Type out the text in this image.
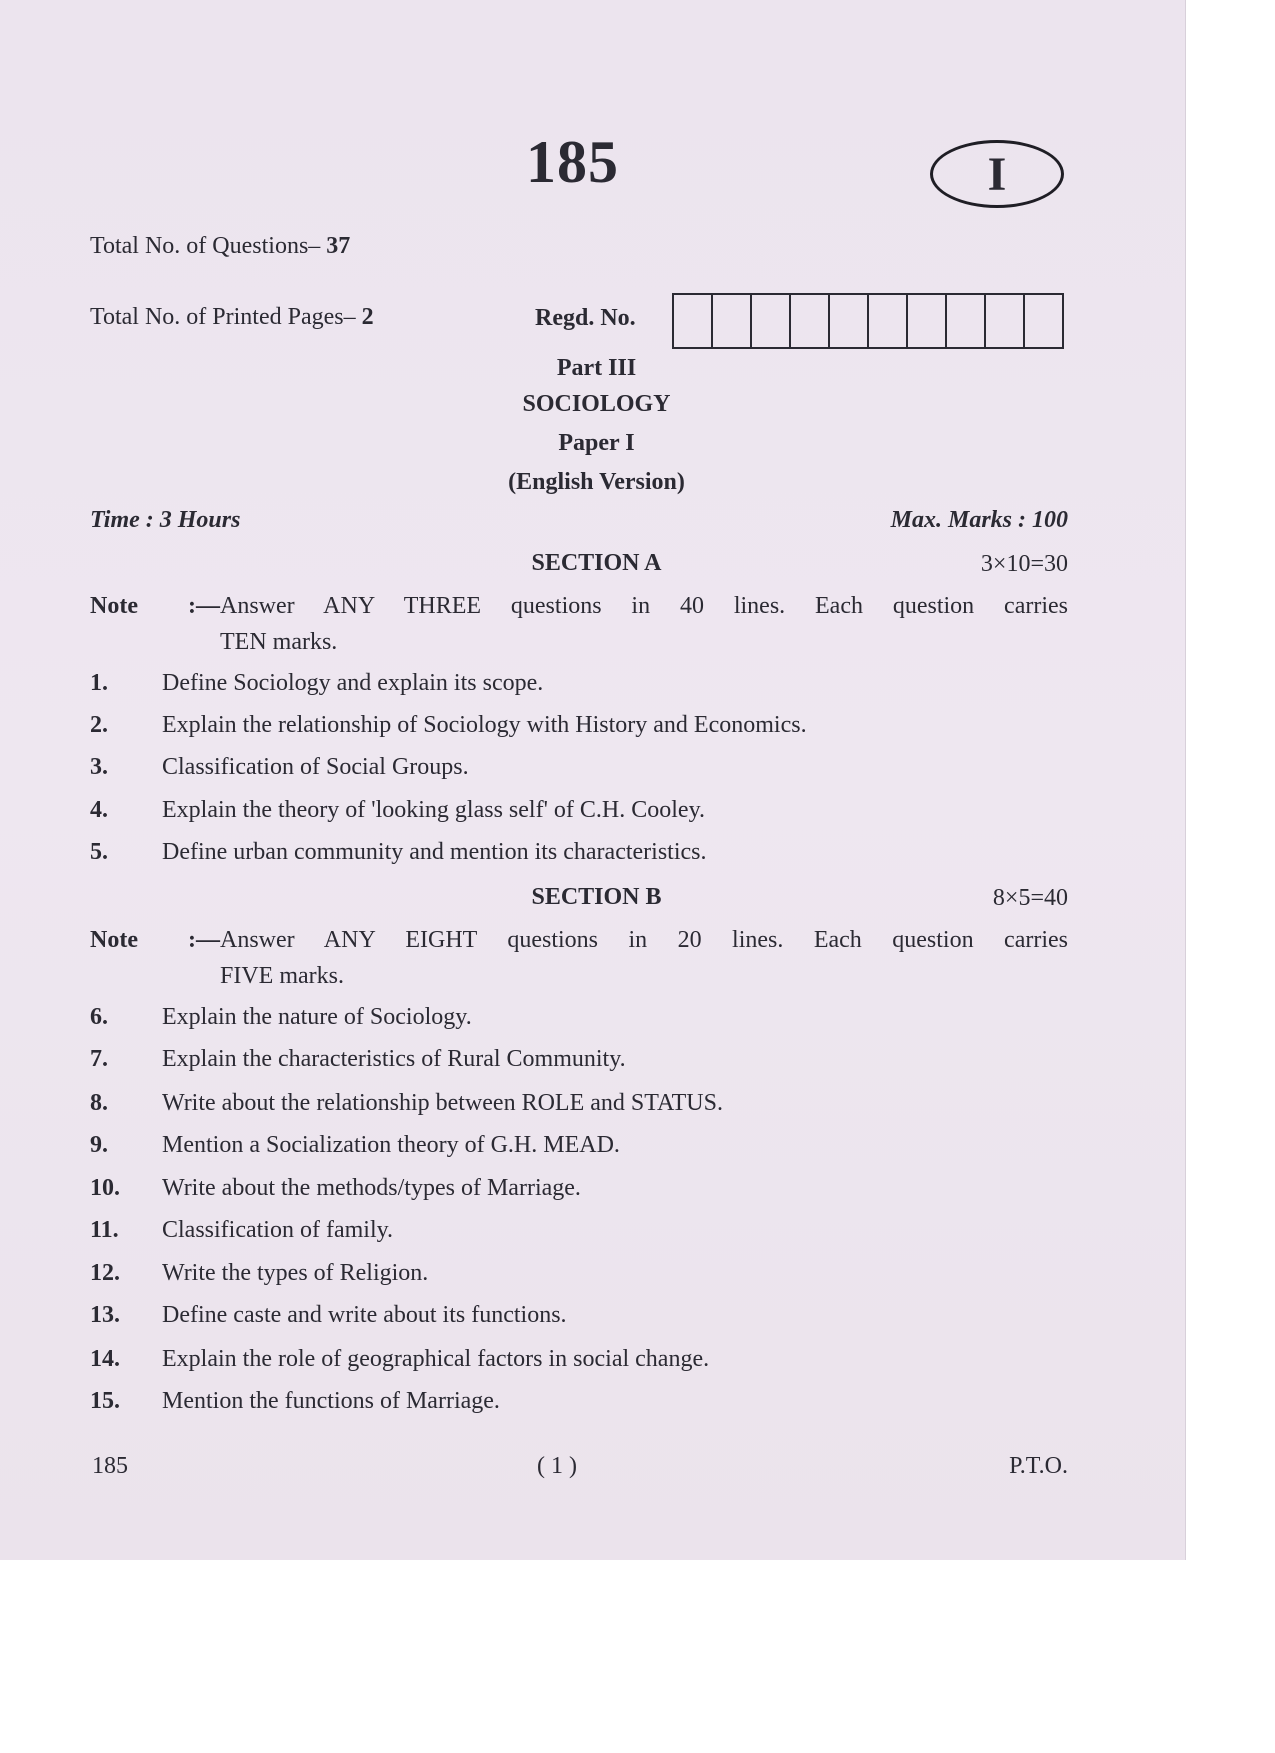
185	I
Total No. of Questions– 37
Total No. of Printed Pages– 2	Regd. No.
Part III
SOCIOLOGY
Paper I
(English Version)
Time : 3 Hours	Max. Marks : 100
SECTION A	3×10=30
Note :—Answer ANY THREE questions in 40 lines. Each question carries
TEN marks.
1.	Define Sociology and explain its scope.
2.	Explain the relationship of Sociology with History and Economics.
3.	Classification of Social Groups.
4.	Explain the theory of 'looking glass self' of C.H. Cooley.
5.	Define urban community and mention its characteristics.
SECTION B	8×5=40
Note :—Answer ANY EIGHT questions in 20 lines. Each question carries
FIVE marks.
6.	Explain the nature of Sociology.
7.	Explain the characteristics of Rural Community.
8.	Write about the relationship between ROLE and STATUS.
9.	Mention a Socialization theory of G.H. MEAD.
10.	Write about the methods/types of Marriage.
11.	Classification of family.
12.	Write the types of Religion.
13.	Define caste and write about its functions.
14.	Explain the role of geographical factors in social change.
15.	Mention the functions of Marriage.
185	( 1 )	P.T.O.
